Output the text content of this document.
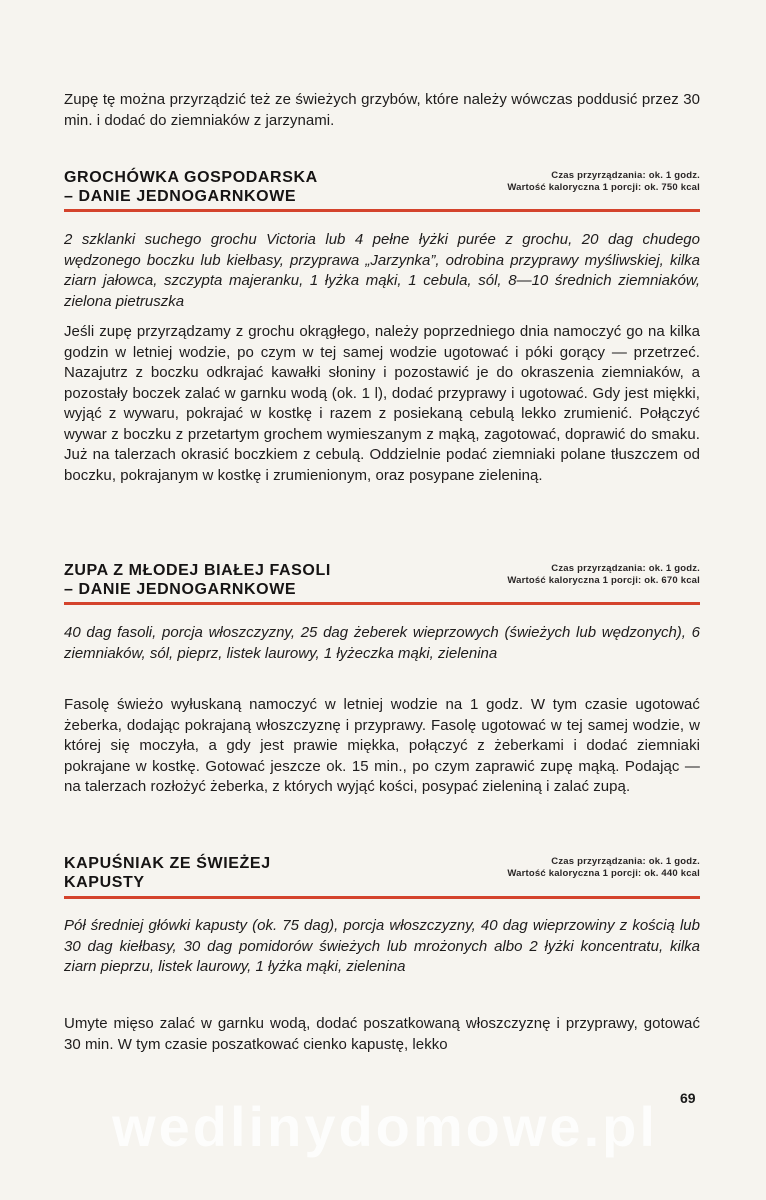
Zupę tę można przyrządzić też ze świeżych grzybów, które należy wówczas poddusić przez 30 min. i dodać do ziemniaków z jarzynami.

GROCHÓWKA GOSPODARSKA
– DANIE JEDNOGARNKOWE
Czas przyrządzania: ok. 1 godz.
Wartość kaloryczna 1 porcji: ok. 750 kcal

2 szklanki suchego grochu Victoria lub 4 pełne łyżki purée z grochu, 20 dag chudego wędzonego boczku lub kiełbasy, przyprawa „Jarzynka”, odrobina przyprawy myśliwskiej, kilka ziarn jałowca, szczypta majeranku, 1 łyżka mąki, 1 cebula, sól, 8—10 średnich ziemniaków, zielona pietruszka

Jeśli zupę przyrządzamy z grochu okrągłego, należy poprzedniego dnia namoczyć go na kilka godzin w letniej wodzie, po czym w tej samej wodzie ugotować i póki gorący — przetrzeć. Nazajutrz z boczku odkrajać kawałki słoniny i pozostawić je do okraszenia ziemniaków, a pozostały boczek zalać w garnku wodą (ok. 1 l), dodać przyprawy i ugotować. Gdy jest miękki, wyjąć z wywaru, pokrajać w kostkę i razem z posiekaną cebulą lekko zrumienić. Połączyć wywar z boczku z przetartym grochem wymieszanym z mąką, zagotować, doprawić do smaku. Już na talerzach okrasić boczkiem z cebulą. Oddzielnie podać ziemniaki polane tłuszczem od boczku, pokrajanym w kostkę i zrumienionym, oraz posypane zieleniną.

ZUPA Z MŁODEJ BIAŁEJ FASOLI
– DANIE JEDNOGARNKOWE
Czas przyrządzania: ok. 1 godz.
Wartość kaloryczna 1 porcji: ok. 670 kcal

40 dag fasoli, porcja włoszczyzny, 25 dag żeberek wieprzowych (świeżych lub wędzonych), 6 ziemniaków, sól, pieprz, listek laurowy, 1 łyżeczka mąki, zielenina

Fasolę świeżo wyłuskaną namoczyć w letniej wodzie na 1 godz. W tym czasie ugotować żeberka, dodając pokrajaną włoszczyznę i przyprawy. Fasolę ugotować w tej samej wodzie, w której się moczyła, a gdy jest prawie miękka, połączyć z żeberkami i dodać ziemniaki pokrajane w kostkę. Gotować jeszcze ok. 15 min., po czym zaprawić zupę mąką. Podając — na talerzach rozłożyć żeberka, z których wyjąć kości, posypać zieleniną i zalać zupą.

KAPUŚNIAK ZE ŚWIEŻEJ
KAPUSTY
Czas przyrządzania: ok. 1 godz.
Wartość kaloryczna 1 porcji: ok. 440 kcal

Pół średniej główki kapusty (ok. 75 dag), porcja włoszczyzny, 40 dag wieprzowiny z kością lub 30 dag kiełbasy, 30 dag pomidorów świeżych lub mrożonych albo 2 łyżki koncentratu, kilka ziarn pieprzu, listek laurowy, 1 łyżka mąki, zielenina

Umyte mięso zalać w garnku wodą, dodać poszatkowaną włoszczyznę i przyprawy, gotować 30 min. W tym czasie poszatkować cienko kapustę, lekko

69
wedlinydomowe.pl
